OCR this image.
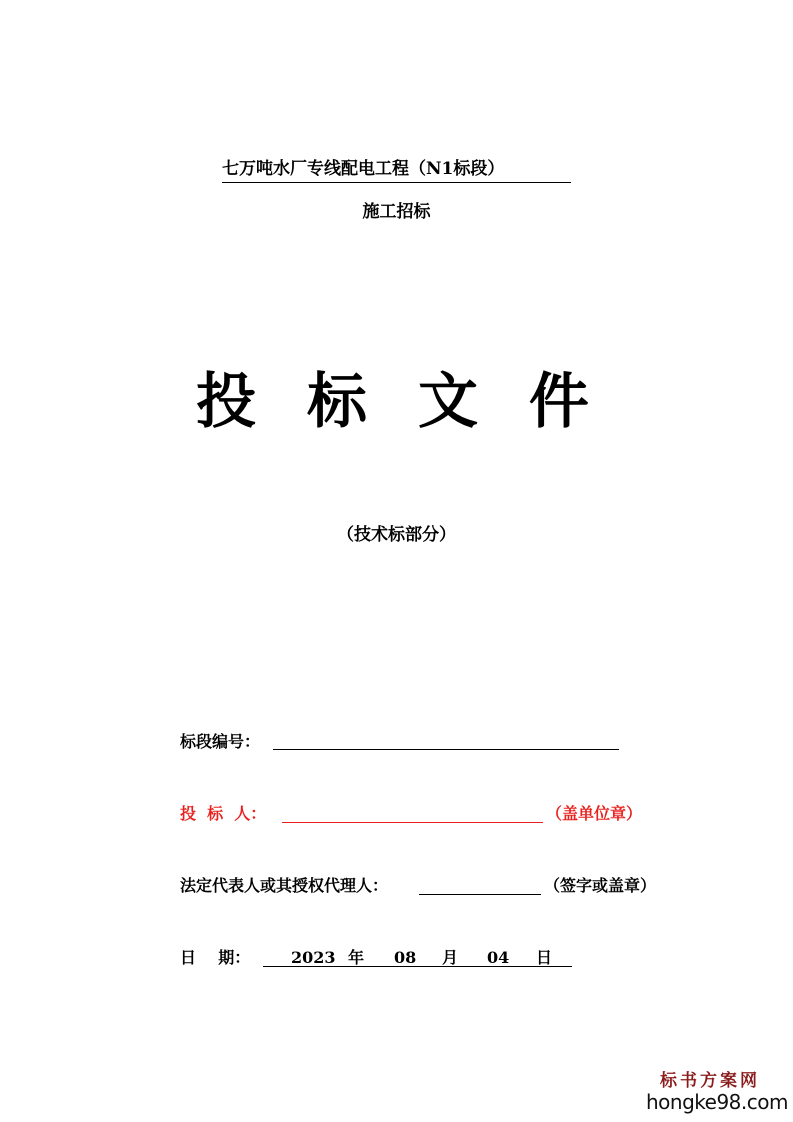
七万吨水厂专线配电工程（N1标段）
施工招标
投 标 文 件
（技术标部分）
标段编号：
投  标  人：	（盖单位章）
法定代表人或其授权代理人：	（签字或盖章）
日    期：	2023 年 08 月 04 日
标书方案网
hongke98.com
